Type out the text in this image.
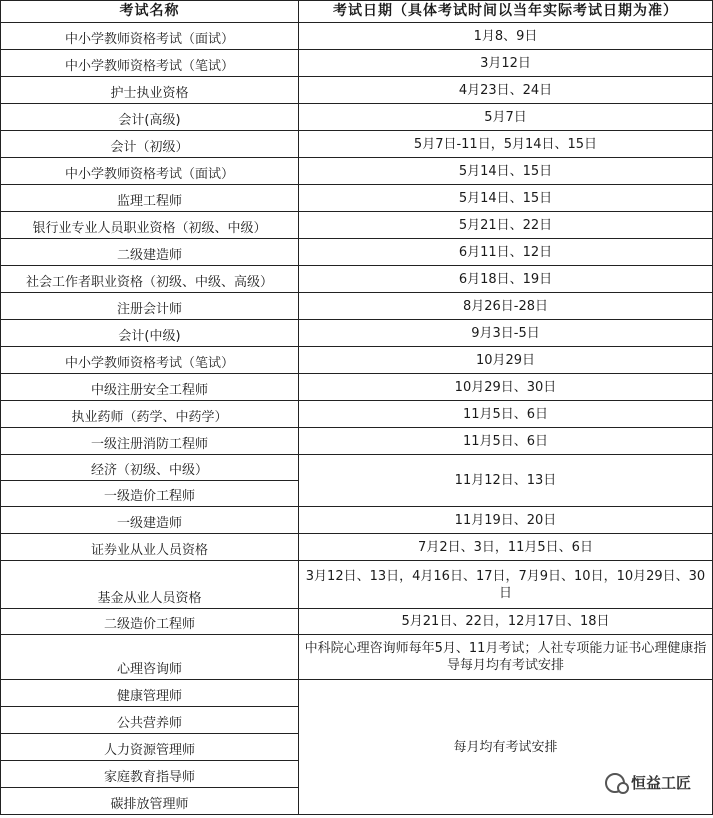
考试名称	考试日期（具体考试时间以当年实际考试日期为准）
中小学教师资格考试（面试）	1月8、9日
中小学教师资格考试（笔试）	3月12日
护士执业资格	4月23日、24日
会计(高级)	5月7日
会计（初级）	5月7日-11日，5月14日、15日
中小学教师资格考试（面试）	5月14日、15日
监理工程师	5月14日、15日
银行业专业人员职业资格（初级、中级）	5月21日、22日
二级建造师	6月11日、12日
社会工作者职业资格（初级、中级、高级）	6月18日、19日
注册会计师	8月26日-28日
会计(中级)	9月3日-5日
中小学教师资格考试（笔试）	10月29日
中级注册安全工程师	10月29日、30日
执业药师（药学、中药学）	11月5日、6日
一级注册消防工程师	11月5日、6日
经济（初级、中级）	11月12日、13日
一级造价工程师	
一级建造师	11月19日、20日
证券业从业人员资格	7月2日、3日，11月5日、6日
基金从业人员资格	3月12日、13日，4月16日、17日，7月9日、10日，10月29日、30日
二级造价工程师	5月21日、22日，12月17日、18日
心理咨询师	中科院心理咨询师每年5月、11月考试；人社专项能力证书心理健康指导每月均有考试安排
健康管理师	每月均有考试安排
公共营养师	
人力资源管理师	
家庭教育指导师	
碳排放管理师	
恒益工匠
